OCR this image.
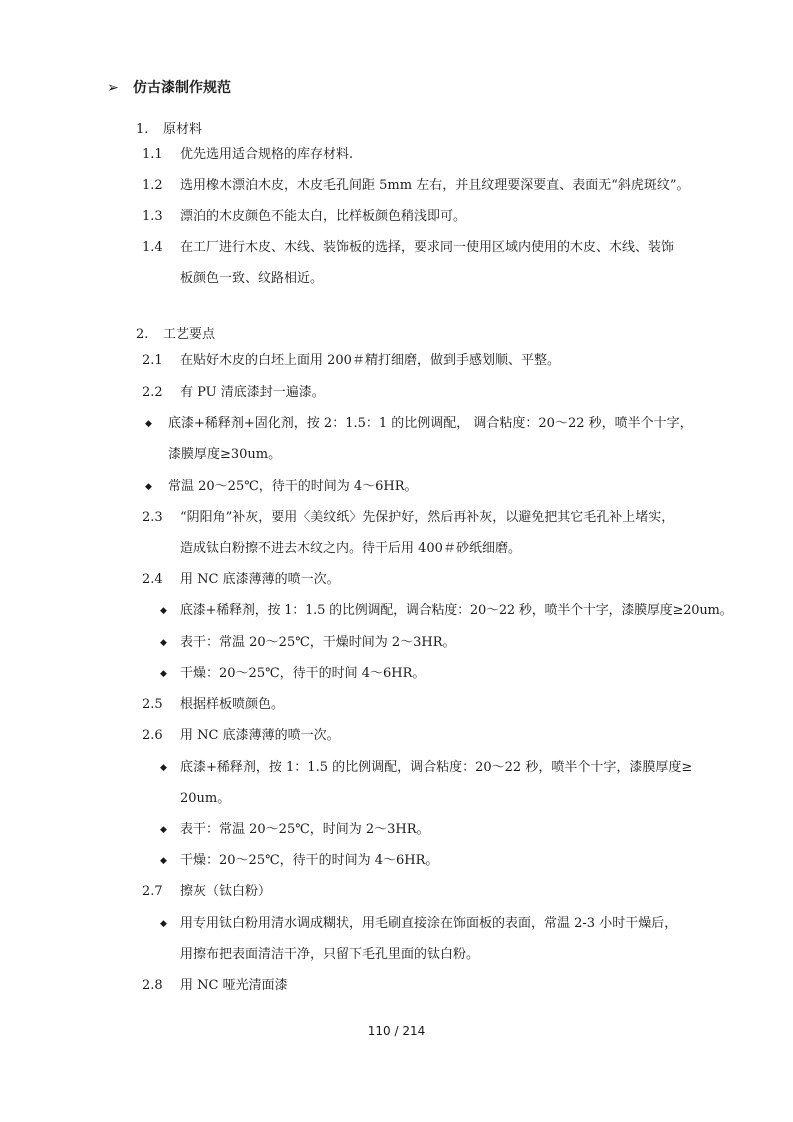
➢ 仿古漆制作规范
1. 原材料
1.1 优先选用适合规格的库存材料.
1.2 选用橡木漂泊木皮，木皮毛孔间距 5mm 左右，并且纹理要深要直、表面无“斜虎斑纹”。
1.3 漂泊的木皮颜色不能太白，比样板颜色稍浅即可。
1.4 在工厂进行木皮、木线、装饰板的选择，要求同一使用区域内使用的木皮、木线、装饰
板颜色一致、纹路相近。
2. 工艺要点
2.1 在贴好木皮的白坯上面用 200＃精打细磨，做到手感划顺、平整。
2.2 有 PU 清底漆封一遍漆。
◆ 底漆+稀释剂+固化剂，按 2：1.5：1 的比例调配， 调合粘度：20～22 秒，喷半个十字，
漆膜厚度≥30um。
◆ 常温 20～25℃，待干的时间为 4～6HR。
2.3 “阴阳角”补灰，要用〈美纹纸〉先保护好，然后再补灰，以避免把其它毛孔补上堵实，
造成钛白粉擦不进去木纹之内。待干后用 400＃砂纸细磨。
2.4 用 NC 底漆薄薄的喷一次。
◆ 底漆+稀释剂，按 1：1.5 的比例调配，调合粘度：20～22 秒，喷半个十字，漆膜厚度≥20um。
◆ 表干：常温 20～25℃，干燥时间为 2～3HR。
◆ 干燥：20～25℃，待干的时间 4～6HR。
2.5 根据样板喷颜色。
2.6 用 NC 底漆薄薄的喷一次。
◆ 底漆+稀释剂，按 1：1.5 的比例调配，调合粘度：20～22 秒，喷半个十字，漆膜厚度≥
20um。
◆ 表干：常温 20～25℃，时间为 2～3HR。
◆ 干燥：20～25℃，待干的时间为 4～6HR。
2.7 擦灰（钛白粉）
◆ 用专用钛白粉用清水调成糊状，用毛刷直接涂在饰面板的表面，常温 2-3 小时干燥后，
用擦布把表面清洁干净，只留下毛孔里面的钛白粉。
2.8 用 NC 哑光清面漆
110 / 214
